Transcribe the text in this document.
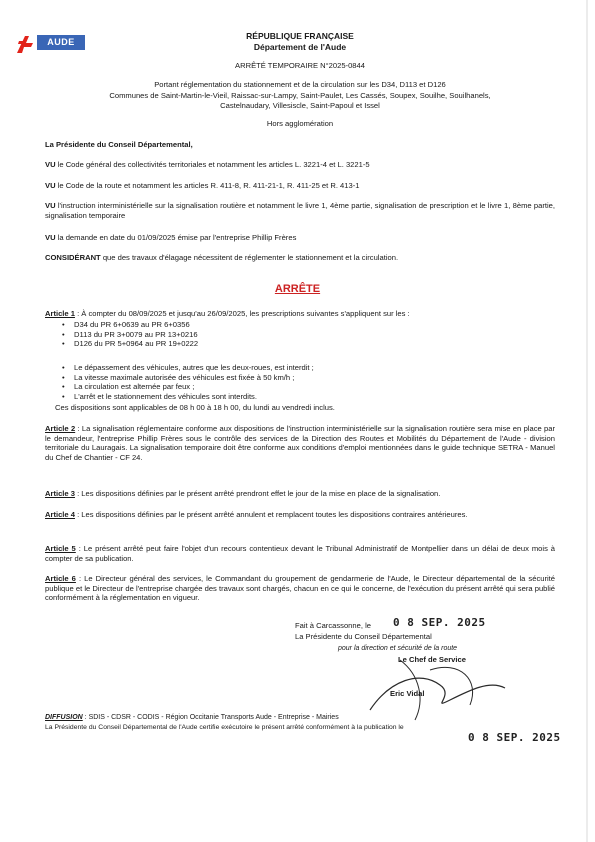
AUDE
RÉPUBLIQUE FRANÇAISE
Département de l'Aude
ARRÊTÉ TEMPORAIRE N°2025-0844
Portant réglementation du stationnement et de la circulation sur les D34, D113 et D126
Communes de Saint-Martin-le-Vieil, Raissac-sur-Lampy, Saint-Paulet, Les Cassés, Soupex, Souilhe, Souilhanels,
Castelnaudary, Villesiscle, Saint-Papoul et Issel
Hors agglomération
La Présidente du Conseil Départemental,
VU le Code général des collectivités territoriales et notamment les articles L. 3221-4 et L. 3221-5
VU le Code de la route et notamment les articles R. 411-8, R. 411-21-1, R. 411-25 et R. 413-1
VU l'instruction interministérielle sur la signalisation routière et notamment le livre 1, 4ème partie, signalisation de prescription et le livre 1, 8ème partie, signalisation temporaire
VU la demande en date du 01/09/2025 émise par l'entreprise Phillip Frères
CONSIDÉRANT que des travaux d'élagage nécessitent de réglementer le stationnement et la circulation.
ARRÊTE
Article 1 : À compter du 08/09/2025 et jusqu'au 26/09/2025, les prescriptions suivantes s'appliquent sur les :
• D34 du PR 6+0639 au PR 6+0356
• D113 du PR 3+0079 au PR 13+0216
• D126 du PR 5+0964 au PR 19+0222
• Le dépassement des véhicules, autres que les deux-roues, est interdit ;
• La vitesse maximale autorisée des véhicules est fixée à 50 km/h ;
• La circulation est alternée par feux ;
• L'arrêt et le stationnement des véhicules sont interdits.
Ces dispositions sont applicables de 08 h 00 à 18 h 00, du lundi au vendredi inclus.
Article 2 : La signalisation réglementaire conforme aux dispositions de l'instruction interministérielle sur la signalisation routière sera mise en place par le demandeur, l'entreprise Phillip Frères sous le contrôle des services de la Direction des Routes et Mobilités du Département de l'Aude - division territoriale du Lauragais. La signalisation temporaire doit être conforme aux conditions d'emploi mentionnées dans le guide technique SETRA - Manuel du Chef de Chantier - CF 24.
Article 3 : Les dispositions définies par le présent arrêté prendront effet le jour de la mise en place de la signalisation.
Article 4 : Les dispositions définies par le présent arrêté annulent et remplacent toutes les dispositions contraires antérieures.
Article 5 : Le présent arrêté peut faire l'objet d'un recours contentieux devant le Tribunal Administratif de Montpellier dans un délai de deux mois à compter de sa publication.
Article 6 : Le Directeur général des services, le Commandant du groupement de gendarmerie de l'Aude, le Directeur départemental de la sécurité publique et le Directeur de l'entreprise chargée des travaux sont chargés, chacun en ce qui le concerne, de l'exécution du présent arrêté qui sera publié conformément à la réglementation en vigueur.
Fait à Carcassonne, le 0 8 SEP. 2025
La Présidente du Conseil Départemental
pour la direction et sécurité de la route
Le Chef de Service
Eric Vidal
DIFFUSION : SDIS - CDSR - CODIS - Région Occitanie Transports Aude - Entreprise - Mairies
La Présidente du Conseil Départemental de l'Aude certifie exécutoire le présent arrêté conformément à la publication le
0 8 SEP. 2025
